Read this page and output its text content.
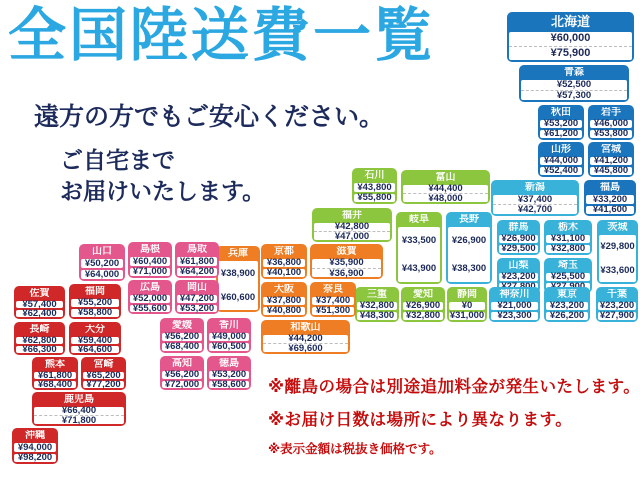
全国陸送費一覧
遠方の方でもご安心ください。
ご自宅まで
お届けいたします。
北海道
¥60,000
¥75,900
青森
¥52,500
¥57,300
秋田
¥53,200
¥61,200
岩手
¥46,000
¥53,800
山形
¥44,000
¥52,400
宮城
¥41,200
¥45,800
福島
¥33,200
¥41,600
新潟
¥37,400
¥42,700
群馬
¥26,900
¥29,500
栃木
¥31,100
¥32,800
茨城
¥29,800
¥33,600
山梨
¥23,200
埼玉
¥25,500
神奈川
¥21,000
¥23,300
東京
¥23,200
¥26,200
千葉
¥23,200
¥27,900
長野
¥26,900
¥38,300
石川
¥43,800
¥55,800
富山
¥44,400
¥48,000
福井
¥42,800
¥47,000
岐阜
¥33,500
¥43,900
三重
¥32,800
¥48,300
愛知
¥26,900
¥32,800
静岡
¥0
¥31,000
滋賀
¥35,900
¥36,900
京都
¥36,800
¥40,100
大阪
¥37,800
¥40,800
奈良
¥37,400
¥51,300
和歌山
¥44,200
¥69,600
兵庫
¥38,900
¥60,600
鳥取
¥61,800
¥64,200
島根
¥60,400
¥71,000
岡山
¥47,200
¥53,200
広島
¥52,000
¥55,600
山口
¥50,200
¥64,000
愛媛
¥56,200
¥68,400
香川
¥49,000
¥60,500
高知
¥56,200
¥72,000
徳島
¥53,200
¥58,600
佐賀
¥57,400
¥62,400
福岡
¥55,200
¥58,800
長崎
¥62,800
¥66,300
大分
¥59,400
¥64,600
熊本
¥61,800
¥68,400
宮崎
¥65,200
¥77,200
鹿児島
¥66,400
¥71,800
沖縄
¥94,000
¥98,200
※離島の場合は別途追加料金が発生いたします。
※お届け日数は場所により異なります。
※表示金額は税抜き価格です。
